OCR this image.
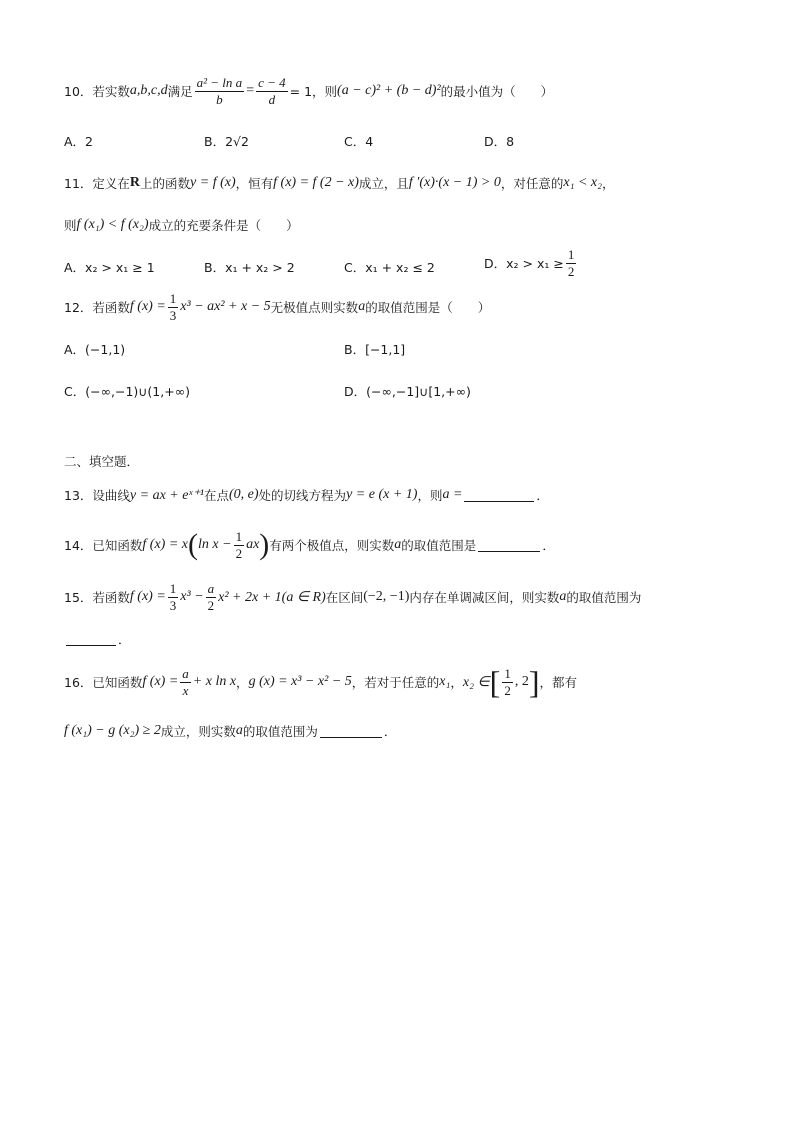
10．若实数 a,b,c,d 满足 $\frac{\text{a² − ln a}}{b} = \frac{c - 4}{d} = 1$，则 (a − c)² + (b − d)² 的最小值为（　　）
A．2	B．2√2	C．4	D．8
11．定义在 R 上的函数 y = f (x) ，恒有 f (x) = f (2 − x) 成立，且 f ′(x)·(x − 1) > 0 ，对任意的 x₁ < x₂ ，
则 f (x₁) < f (x₂) 成立的充要条件是（　　）
A．x₂ > x₁ ≥ 1	B．x₁ + x₂ > 2	C．x₁ + x₂ ≤ 2	D．$x_2 > x_1 \ge \frac{1}{2}$
12．若函数 f $(x) = \frac{1}{3} x^3 - ax^2 + x - 5$ 无极值点则实数 a 的取值范围是（　　）
A．(−1,1)	B．[−1,1]
C．(−∞,−1)∪(1,+∞)	D．(−∞,−1]∪[1,+∞)
二、填空题．
13．设曲线 y = ax + eˣ⁺¹ 在点 (0, e) 处的切线方程为 y = e (x + 1) ，则 a =	．
14．已知函数 f (x) = x ( $\ln x - \frac{1}{2}$ ax ) 有两个极值点，则实数 a 的取值范围是	．
15．若函数 f $(x) = \frac{1}{3} x^3 - \frac{a}{2} x^2 + 2x + 1(a$ ∈ R) 在区间 (−2, −1) 内存在单调减区间，则实数 a 的取值范围为
．
16．已知函数 f $(x) = \frac{a}{x} + x$ ln x ， g (x) = x³ − x² − 5 ，若对于任意的 x₁ ， x₂ ∈ [ $\frac{1}{2}$ , 2 ] ，都有
f (x₁) − g (x₂) ≥ 2 成立，则实数 a 的取值范围为	．
